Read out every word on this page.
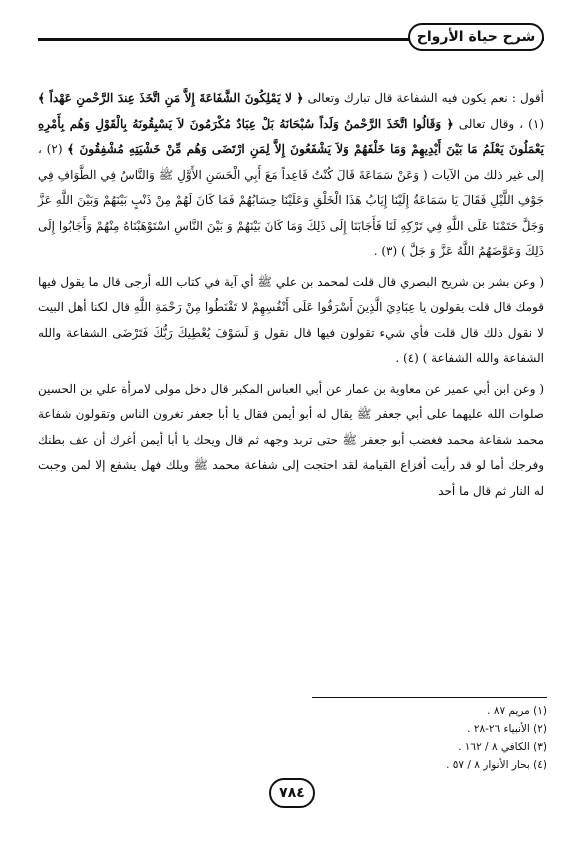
شرح حياة الأرواح

أقول : نعم يكون فيه الشفاعة قال تبارك وتعالى ﴿ لا يَمْلِكُونَ الشَّفَاعَةَ إِلاَّ مَنِ اتَّخَذَ عِندَ الرَّحْمنِ عَهْداً ﴾ (١) ، وقال تعالى ﴿ وَقَالُوا اتَّخَذَ الرَّحْمنُ وَلَداً سُبْحَانَهُ بَلْ عِبَادٌ مُكْرَمُونَ لاَ يَسْبِقُونَهُ بِالْقَوْلِ وَهُم بِأَمْرِهِ يَعْمَلُونَ يَعْلَمُ مَا بَيْنَ أَيْدِيهِمْ وَمَا خَلْفَهُمْ وَلاَ يَشْفَعُونَ إِلاَّ لِمَنِ ارْتَضَى وَهُم مِّنْ خَشْيَتِهِ مُشْفِقُونَ ﴾ (٢) ، إلى غير ذلك من الآيات ( وَعَنْ سَمَاعَةَ قَالَ كُنْتُ قَاعِداً مَعَ أَبِي الْحَسَنِ الأَوَّلِ ﷺ وَالنَّاسُ فِي الطَّوَافِ فِي جَوْفِ اللَّيْلِ فَقَالَ يَا سَمَاعَةُ إِلَيْنَا إِيَابُ هَذَا الْخَلْقِ وَعَلَيْنَا حِسَابُهُمْ فَمَا كَانَ لَهُمْ مِنْ ذَنْبٍ بَيْنَهُمْ وَبَيْنَ اللَّهِ عَزَّ وَجَلَّ حَتَمْنَا عَلَى اللَّهِ فِي تَرْكِهِ لَنَا فَأَجَابَنَا إِلَى ذَلِكَ وَمَا كَانَ بَيْنَهُمْ وَ بَيْنَ النَّاسِ اسْتَوْهَبْنَاهُ مِنْهُمْ وَأَجَابُوا إِلَى ذَلِكَ وَعَوَّضَهُمُ اللَّهُ عَزَّ وَ جَلَّ ) (٣) .

( وعن بشر بن شريح البصري قال قلت لمحمد بن علي ﷺ أي آية في كتاب الله أرجى قال ما يقول فيها قومك قال قلت يقولون يا عِبَادِيَ الَّذِينَ أَسْرَفُوا عَلَى أَنْفُسِهِمْ لا تَقْنَطُوا مِنْ رَحْمَةِ اللَّهِ قال لكنا أهل البيت لا نقول ذلك قال قلت فأي شيء تقولون فيها قال نقول وَ لَسَوْفَ يُعْطِيكَ رَبُّكَ فَتَرْضَى الشفاعة والله الشفاعة والله الشفاعة ) (٤) .

( وعن ابن أبي عمير عن معاوية بن عمار عن أبي العباس المكبر قال دخل مولى لامرأة علي بن الحسين صلوات الله عليهما على أبي جعفر ﷺ يقال له أبو أيمن فقال يا أبا جعفر تغرون الناس وتقولون شفاعة محمد شفاعة محمد فغضب أبو جعفر ﷺ حتى تربد وجهه ثم قال ويحك يا أبا أيمن أغرك أن عف بطنك وفرجك أما لو قد رأيت أفزاع القيامة لقد احتجت إلى شفاعة محمد ﷺ ويلك فهل يشفع إلا لمن وجبت له النار ثم قال ما أحد

(١) مريم ٨٧ .
(٢) الأنبياء ٢٦-٢٨ .
(٣) الكافي ٨ / ١٦٢ .
(٤) بحار الأنوار ٨ / ٥٧ .
٧٨٤
